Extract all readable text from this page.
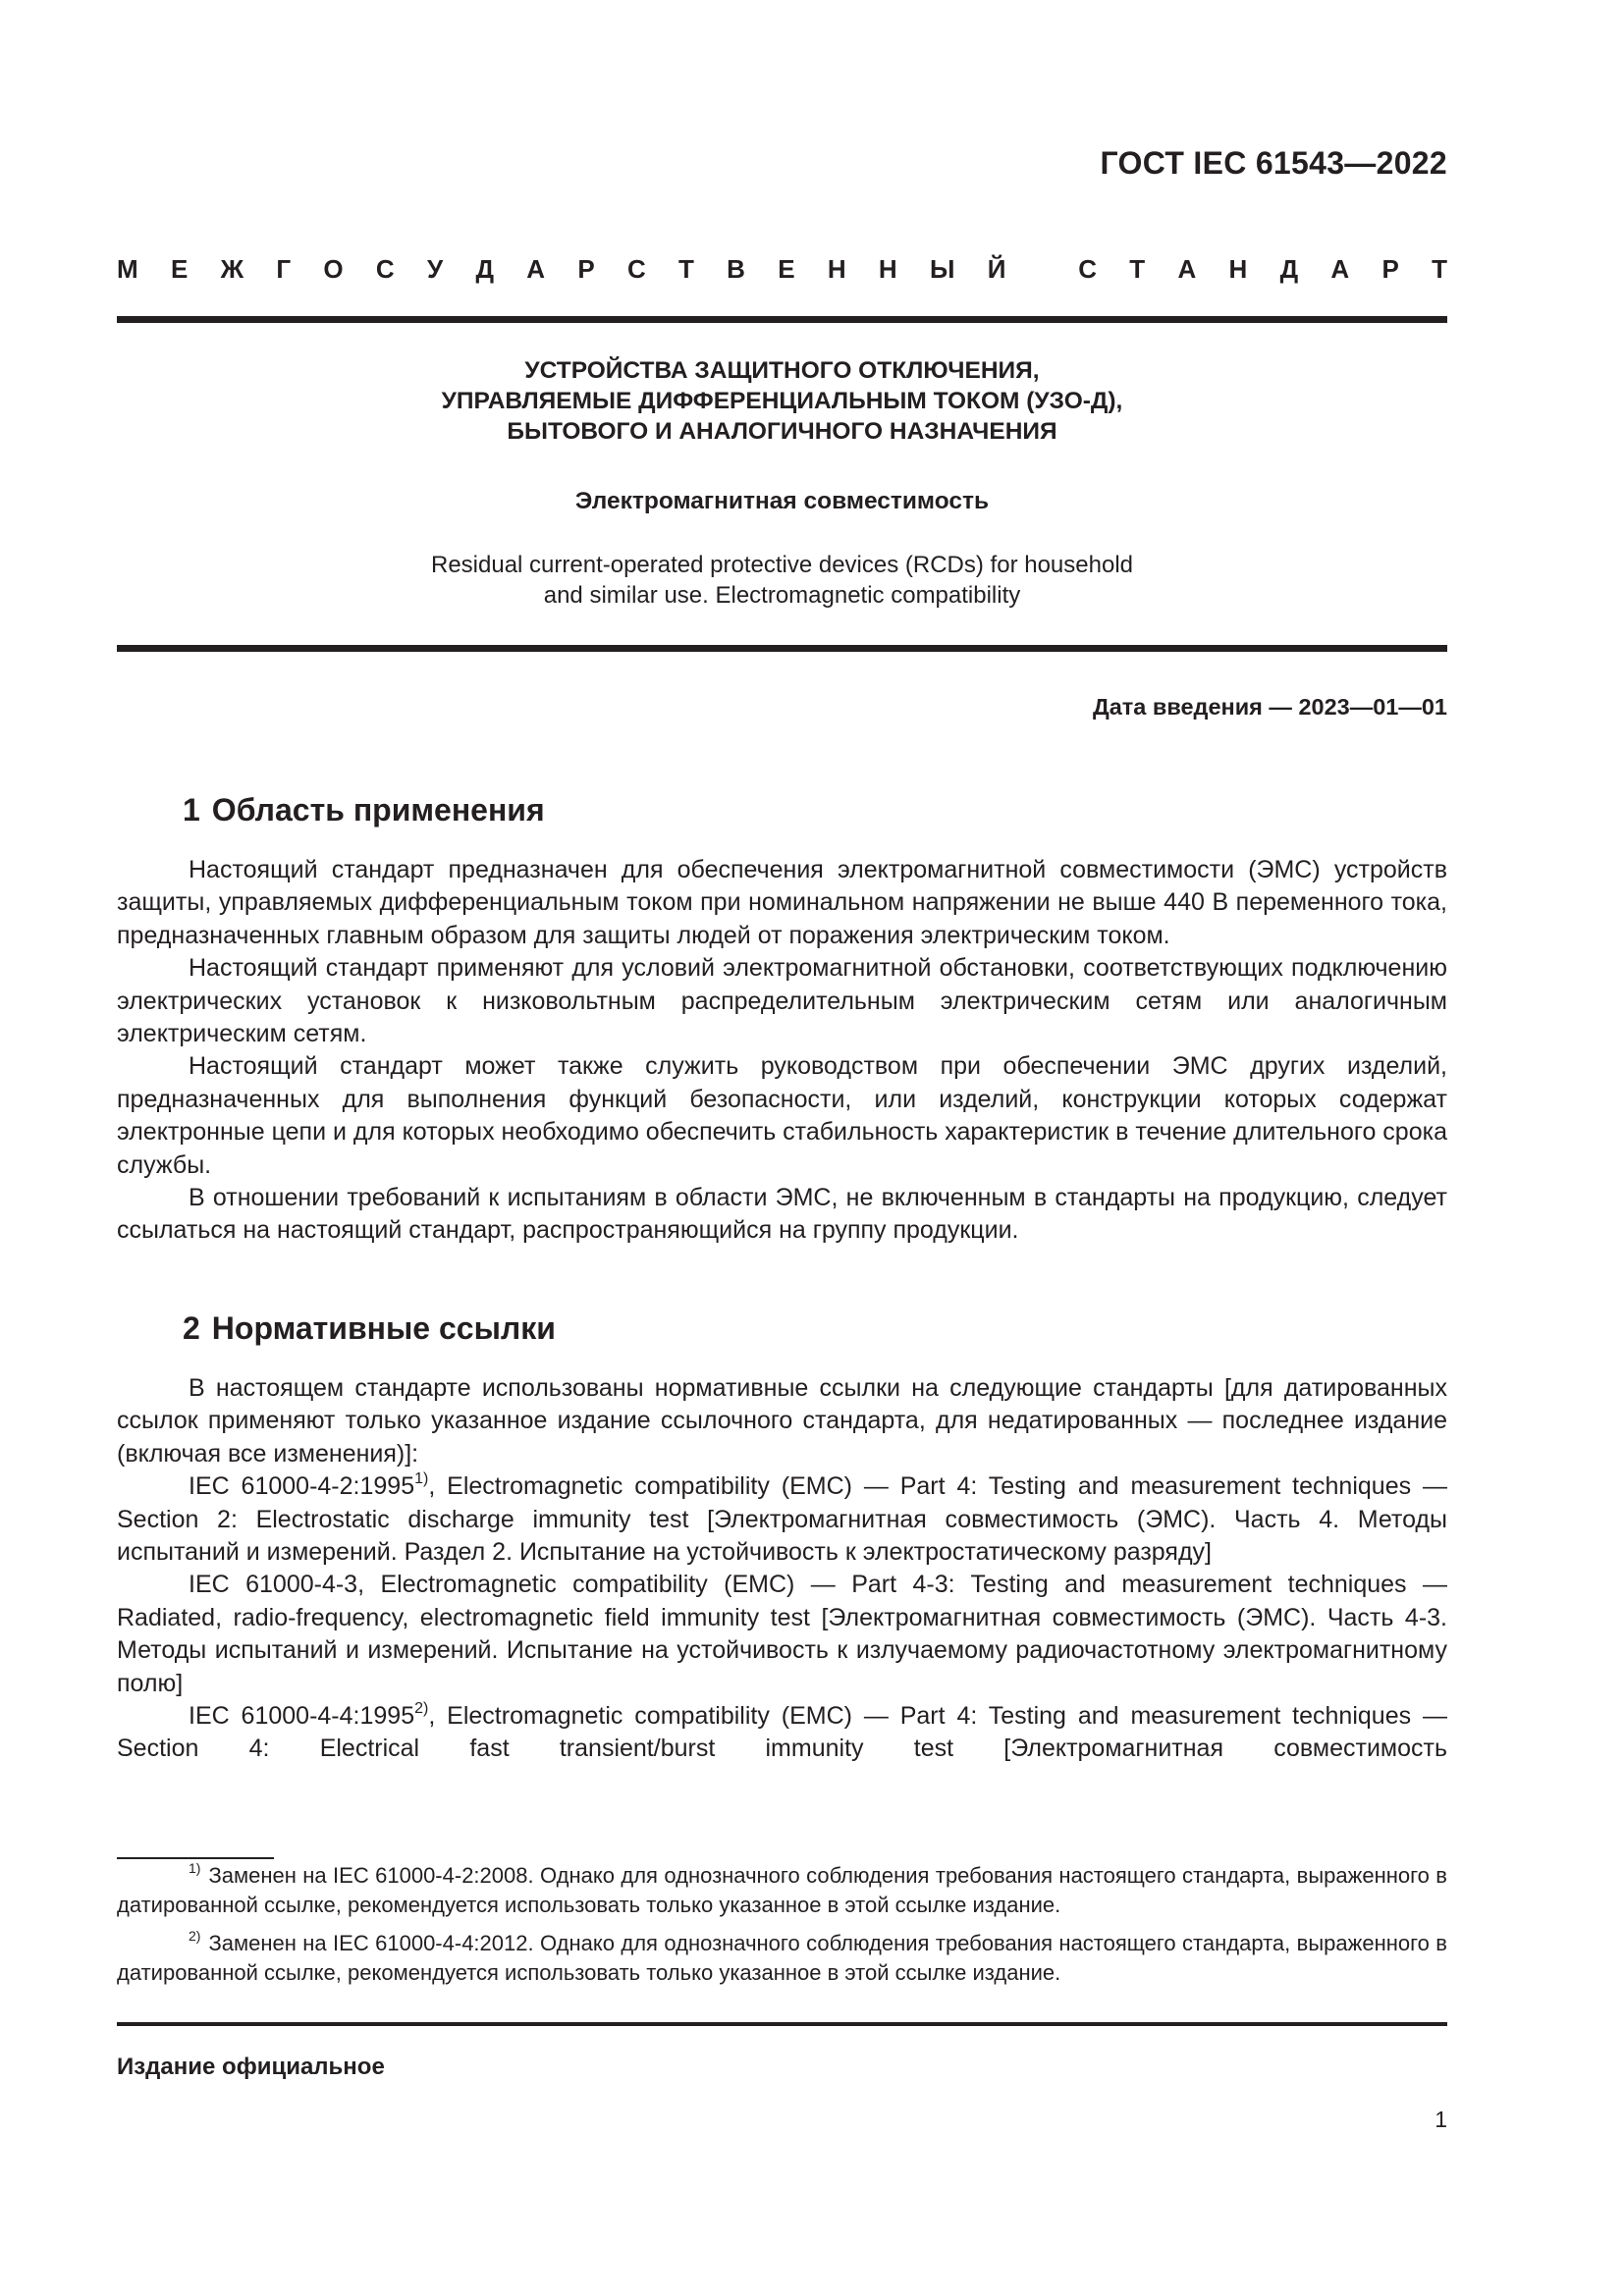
ГОСТ IEC 61543—2022
М Е Ж Г О С У Д А Р С Т В Е Н Н Ы Й
	С Т А Н Д А Р Т
УСТРОЙСТВА ЗАЩИТНОГО ОТКЛЮЧЕНИЯ,
УПРАВЛЯЕМЫЕ ДИФФЕРЕНЦИАЛЬНЫМ ТОКОМ (УЗО-Д),
БЫТОВОГО И АНАЛОГИЧНОГО НАЗНАЧЕНИЯ
Электромагнитная совместимость
Residual current-operated protective devices (RCDs) for household
and similar use. Electromagnetic compatibility
Дата введения — 2023—01—01
1 Область применения

Настоящий стандарт предназначен для обеспечения электромагнитной совместимости (ЭМС) устройств защиты, управляемых дифференциальным током при номинальном напряжении не выше 440 В переменного тока, предназначенных главным образом для защиты людей от поражения электрическим током.

Настоящий стандарт применяют для условий электромагнитной обстановки, соответствующих подключению электрических установок к низковольтным распределительным электрическим сетям или аналогичным электрическим сетям.

Настоящий стандарт может также служить руководством при обеспечении ЭМС других изделий, предназначенных для выполнения функций безопасности, или изделий, конструкции которых содержат электронные цепи и для которых необходимо обеспечить стабильность характеристик в течение длительного срока службы.

В отношении требований к испытаниям в области ЭМС, не включенным в стандарты на продукцию, следует ссылаться на настоящий стандарт, распространяющийся на группу продукции.

2 Нормативные ссылки

В настоящем стандарте использованы нормативные ссылки на следующие стандарты [для датированных ссылок применяют только указанное издание ссылочного стандарта, для недатированных — последнее издание (включая все изменения)]:

IEC 61000-4-2:1995$^{1)}$, Electromagnetic compatibility (EMC) — Part 4: Testing and measurement techniques — Section 2: Electrostatic discharge immunity test [Электромагнитная совместимость (ЭМС). Часть 4. Методы испытаний и измерений. Раздел 2. Испытание на устойчивость к электростатическому разряду]

IEC 61000-4-3, Electromagnetic compatibility (EMC) — Part 4-3: Testing and measurement techniques — Radiated, radio-frequency, electromagnetic field immunity test [Электромагнитная совместимость (ЭМС). Часть 4-3. Методы испытаний и измерений. Испытание на устойчивость к излучаемому радиочастотному электромагнитному полю]

IEC 61000-4-4:1995$^{2)}$, Electromagnetic compatibility (EMC) — Part 4: Testing and measurement techniques — Section 4: Electrical fast transient/burst immunity test [Электромагнитная совместимость

$^{1)}$ Заменен на IEC 61000-4-2:2008. Однако для однозначного соблюдения требования настоящего стандарта, выраженного в датированной ссылке, рекомендуется использовать только указанное в этой ссылке издание.

$^{2)}$ Заменен на IEC 61000-4-4:2012. Однако для однозначного соблюдения требования настоящего стандарта, выраженного в датированной ссылке, рекомендуется использовать только указанное в этой ссылке издание.

Издание официальное
1
